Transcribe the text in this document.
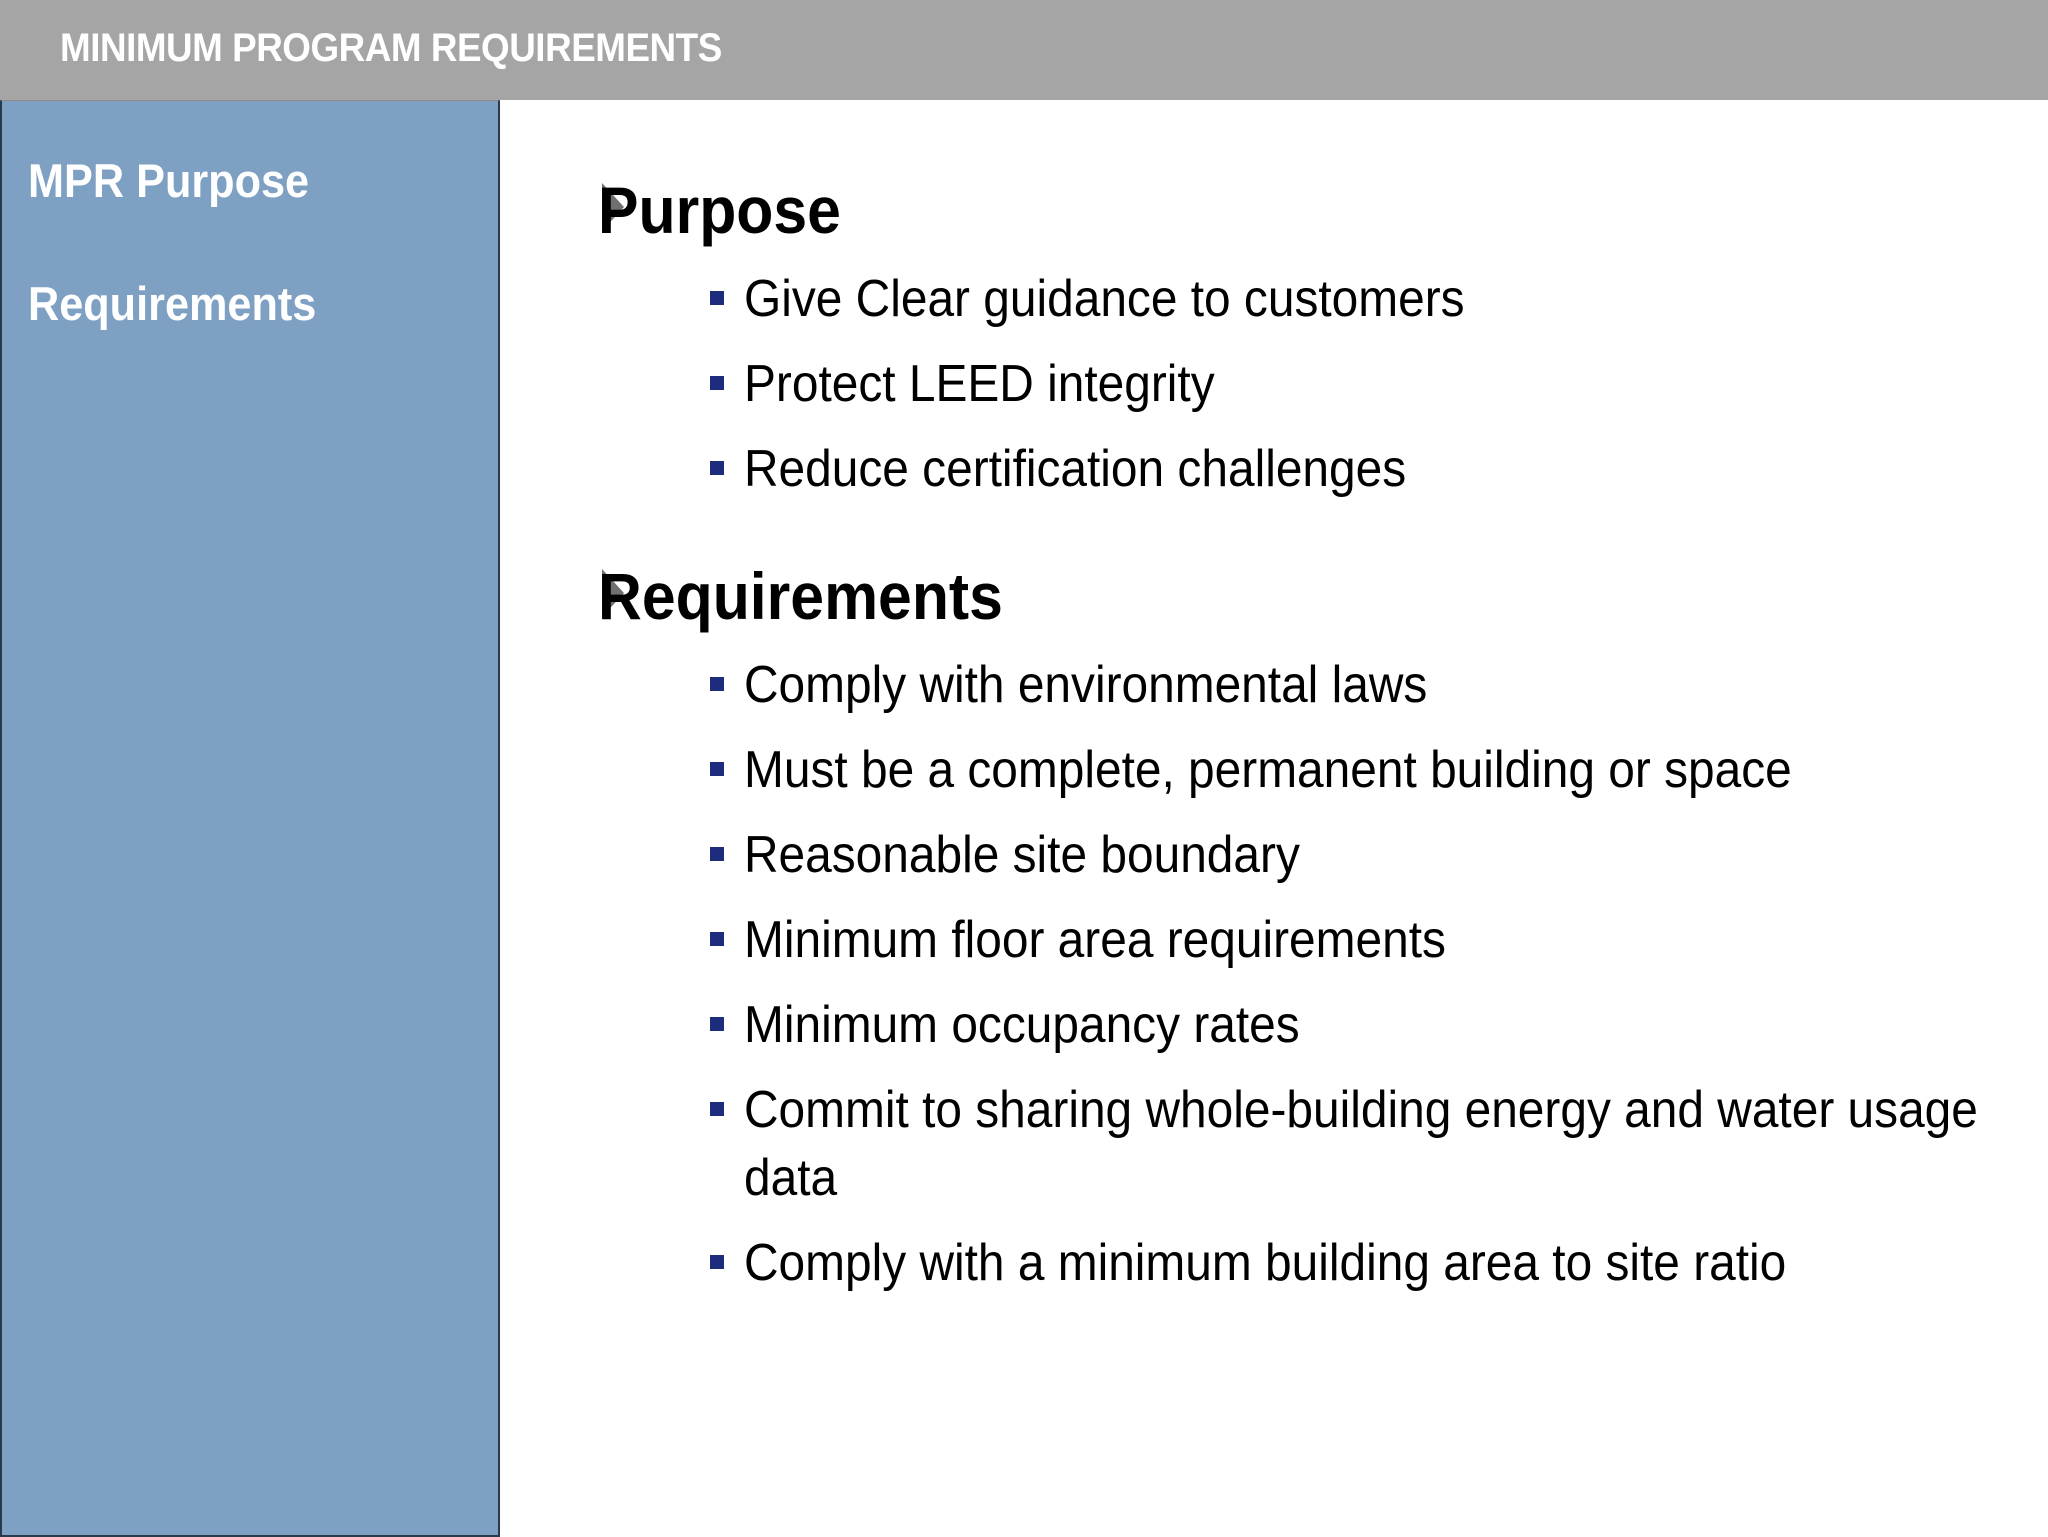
MINIMUM PROGRAM REQUIREMENTS
MPR Purpose
Requirements
Purpose
Give Clear guidance to customers
Protect LEED integrity
Reduce certification challenges
Requirements
Comply with environmental laws
Must be a complete, permanent building or space
Reasonable site boundary
Minimum floor area requirements
Minimum occupancy rates
Commit to sharing whole-building energy and water usage data
Comply with a minimum building area to site ratio
